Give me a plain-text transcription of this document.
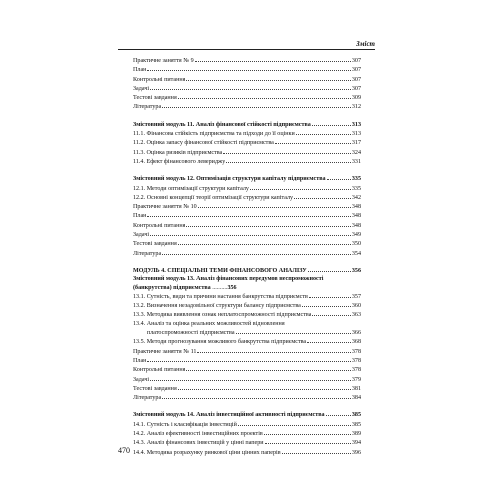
Зміст
Практичне заняття № 9	307
План	307
Контрольні питання	307
Задачі	307
Тестові завдання	309
Література	312
Змістовний модуль 11. Аналіз фінансової стійкості підприємства	313
11.1. Фінансова стійкість підприємства та підходи до її оцінки	313
11.2. Оцінка запасу фінансової стійкості підприємства	317
11.3. Оцінка ризиків підприємства	324
11.4. Ефект фінансового левериджу	331
Змістовний модуль 12. Оптимізація структури капіталу підприємства	335
12.1. Методи оптимізації структури капіталу	335
12.2. Основні концепції теорії оптимізації структури капіталу	342
Практичне заняття № 10	348
План	348
Контрольні питання	348
Задачі	349
Тестові завдання	350
Література	354
МОДУЛЬ 4. СПЕЦІАЛЬНІ ТЕМИ ФІНАНСОВОГО АНАЛІЗУ	356
Змістовний модуль 13. Аналіз фінансових передумов неспроможності (банкрутства) підприємства ..........356
13.1. Сутність, види та причини настання банкрутства підприємств	357
13.2. Визначення незадовільної структури балансу підприємства	360
13.3. Методика виявлення ознак неплатоспроможності підприємства	363
13.4. Аналіз та оцінка реальних можливостей відновлення
платоспроможності підприємства	366
13.5. Методи прогнозування можливого банкрутства підприємства	368
Практичне заняття № 11	378
План	378
Контрольні питання	378
Задачі	379
Тестові завдання	381
Література	384
Змістовний модуль 14. Аналіз інвестиційної активності підприємства	385
14.1. Сутність і класифікація інвестицій	385
14.2. Аналіз ефективності інвестиційних проектів	389
14.3. Аналіз фінансових інвестицій у цінні папери	394
14.4. Методика розрахунку ринкової ціни цінних паперів	396
470
